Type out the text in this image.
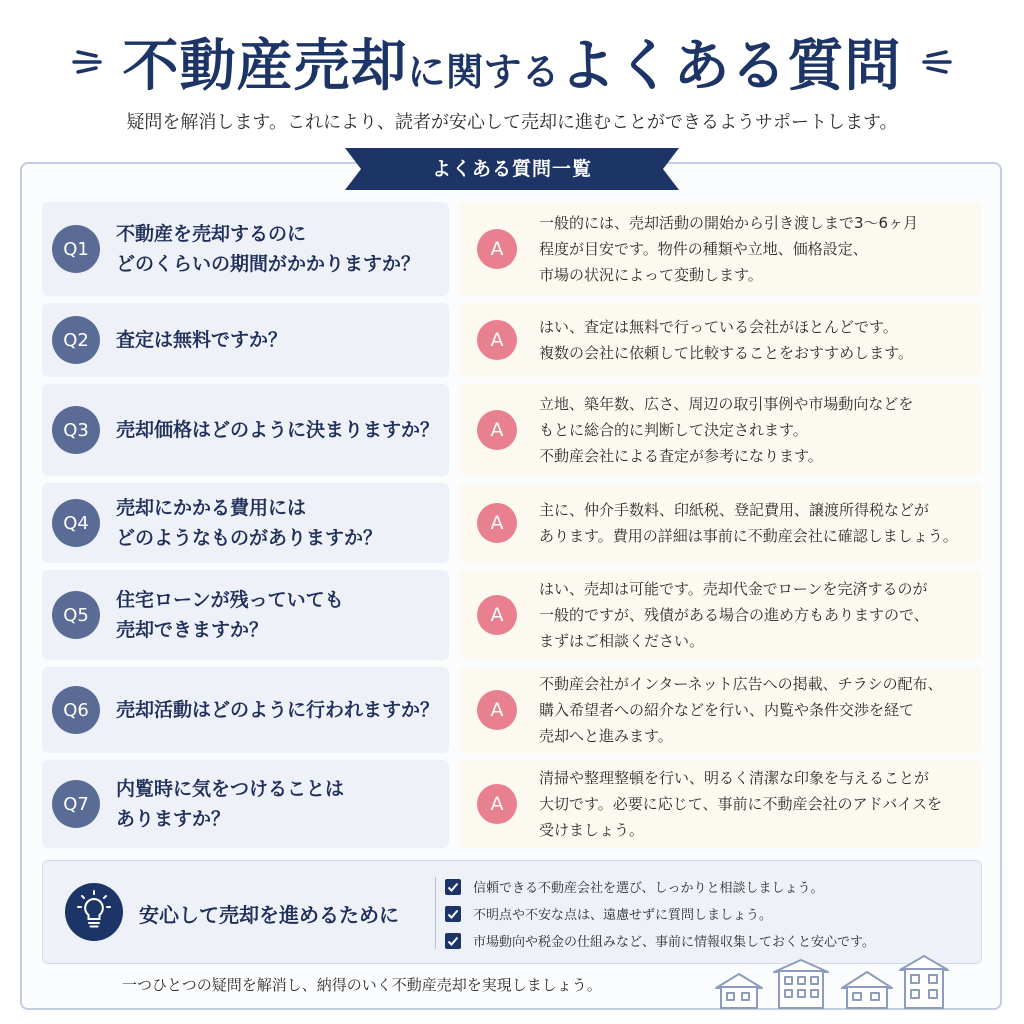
不動産売却 に関する よくある質問
疑問を解消します。これにより、読者が安心して売却に進むことができるようサポートします。
よくある質問一覧
Q1
不動産を売却するのに
どのくらいの期間がかかりますか？
A
一般的には、売却活動の開始から引き渡しまで3〜6ヶ月
程度が目安です。物件の種類や立地、価格設定、
市場の状況によって変動します。
Q2	査定は無料ですか？	A
はい、査定は無料で行っている会社がほとんどです。
複数の会社に依頼して比較することをおすすめします。
Q3	売却価格はどのように決まりますか？	A
立地、築年数、広さ、周辺の取引事例や市場動向などを
もとに総合的に判断して決定されます。
不動産会社による査定が参考になります。
Q4
売却にかかる費用には
どのようなものがありますか？
A
主に、仲介手数料、印紙税、登記費用、譲渡所得税などが
あります。費用の詳細は事前に不動産会社に確認しましょう。
Q5
住宅ローンが残っていても
売却できますか？
A
はい、売却は可能です。売却代金でローンを完済するのが
一般的ですが、残債がある場合の進め方もありますので、
まずはご相談ください。
Q6	売却活動はどのように行われますか？	A
不動産会社がインターネット広告への掲載、チラシの配布、
購入希望者への紹介などを行い、内覧や条件交渉を経て
売却へと進みます。
Q7
内覧時に気をつけることは
ありますか？
A
清掃や整理整頓を行い、明るく清潔な印象を与えることが
大切です。必要に応じて、事前に不動産会社のアドバイスを
受けましょう。
安心して売却を進めるために
信頼できる不動産会社を選び、しっかりと相談しましょう。
不明点や不安な点は、遠慮せずに質問しましょう。
市場動向や税金の仕組みなど、事前に情報収集しておくと安心です。
一つひとつの疑問を解消し、納得のいく不動産売却を実現しましょう。
